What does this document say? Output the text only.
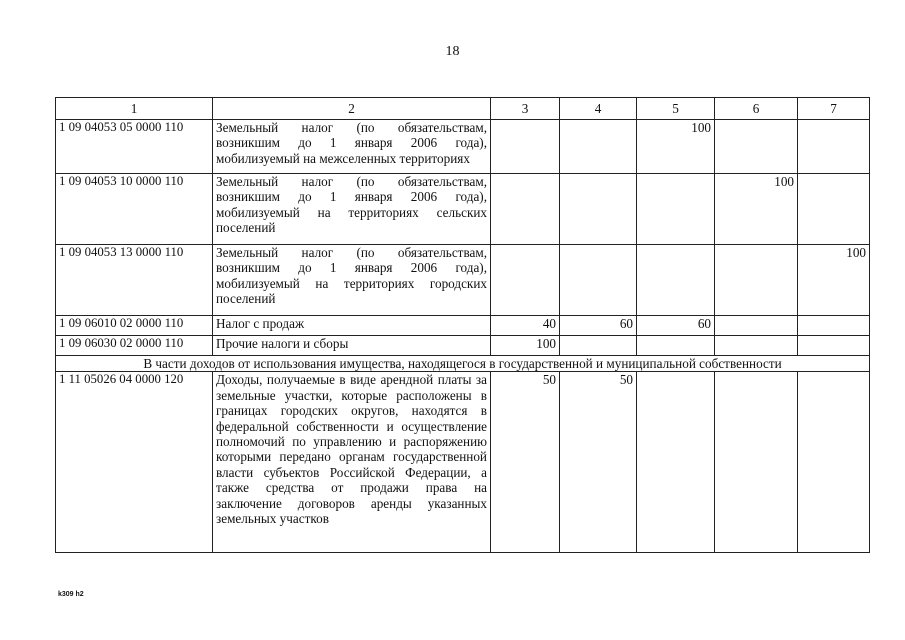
18
1	2	3	4	5	6	7
1 09 04053 05 0000 110	Земельный налог (по обязательствам, возникшим до 1 января 2006 года), мобилизуемый на межселенных территориях			100		
1 09 04053 10 0000 110	Земельный налог (по обязательствам, возникшим до 1 января 2006 года), мобилизуемый на территориях сельских поселений				100	
1 09 04053 13 0000 110	Земельный налог (по обязательствам, возникшим до 1 января 2006 года), мобилизуемый на территориях городских поселений					100
1 09 06010 02 0000 110	Налог с продаж	40	60	60		
1 09 06030 02 0000 110	Прочие налоги и сборы	100				
В части доходов от использования имущества, находящегося в государственной и муниципальной собственности						
1 11 05026 04 0000 120	Доходы, получаемые в виде арендной платы за земельные участки, которые расположены в границах городских округов, находятся в федеральной собственности и осуществление полномочий по управлению и распоряжению которыми передано органам государственной власти субъектов Российской Федерации, а также средства от продажи права на заключение договоров аренды указанных земельных участков	50	50			
k309 h2
